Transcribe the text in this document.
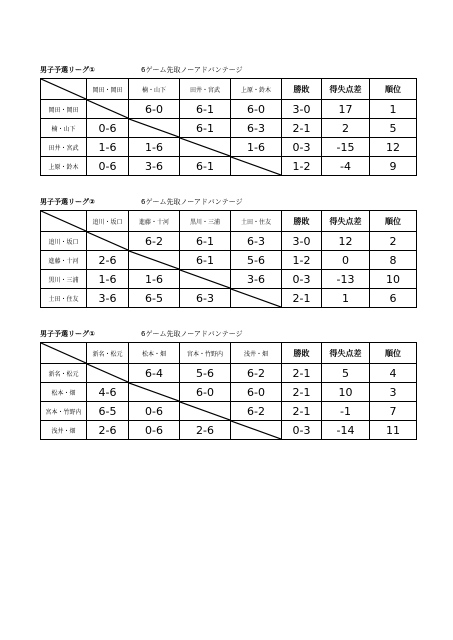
男子予選リーグ①	6ゲーム先取ノーアドバンテージ
	岡田・岡田	楠・山下	田井・宮武	上原・鈴木	勝敗	得失点差	順位
岡田・岡田		6-0	6-1	6-0	3-0	17	1
楠・山下	0-6		6-1	6-3	2-1	2	5
田井・宮武	1-6	1-6		1-6	0-3	-15	12
上原・鈴木	0-6	3-6	6-1		1-2	-4	9
男子予選リーグ②	6ゲーム先取ノーアドバンテージ
	追川・坂口	進藤・十河	黒川・三浦	土田・住友	勝敗	得失点差	順位
追川・坂口		6-2	6-1	6-3	3-0	12	2
進藤・十河	2-6		6-1	5-6	1-2	0	8
黒川・三浦	1-6	1-6		3-6	0-3	-13	10
土田・住友	3-6	6-5	6-3		2-1	1	6
男子予選リーグ①	6ゲーム先取ノーアドバンテージ
	新名・松元	松本・畑	宮本・竹野内	浅井・畑	勝敗	得失点差	順位
新名・松元		6-4	5-6	6-2	2-1	5	4
松本・畑	4-6		6-0	6-0	2-1	10	3
宮本・竹野内	6-5	0-6		6-2	2-1	-1	7
浅井・畑	2-6	0-6	2-6		0-3	-14	11
